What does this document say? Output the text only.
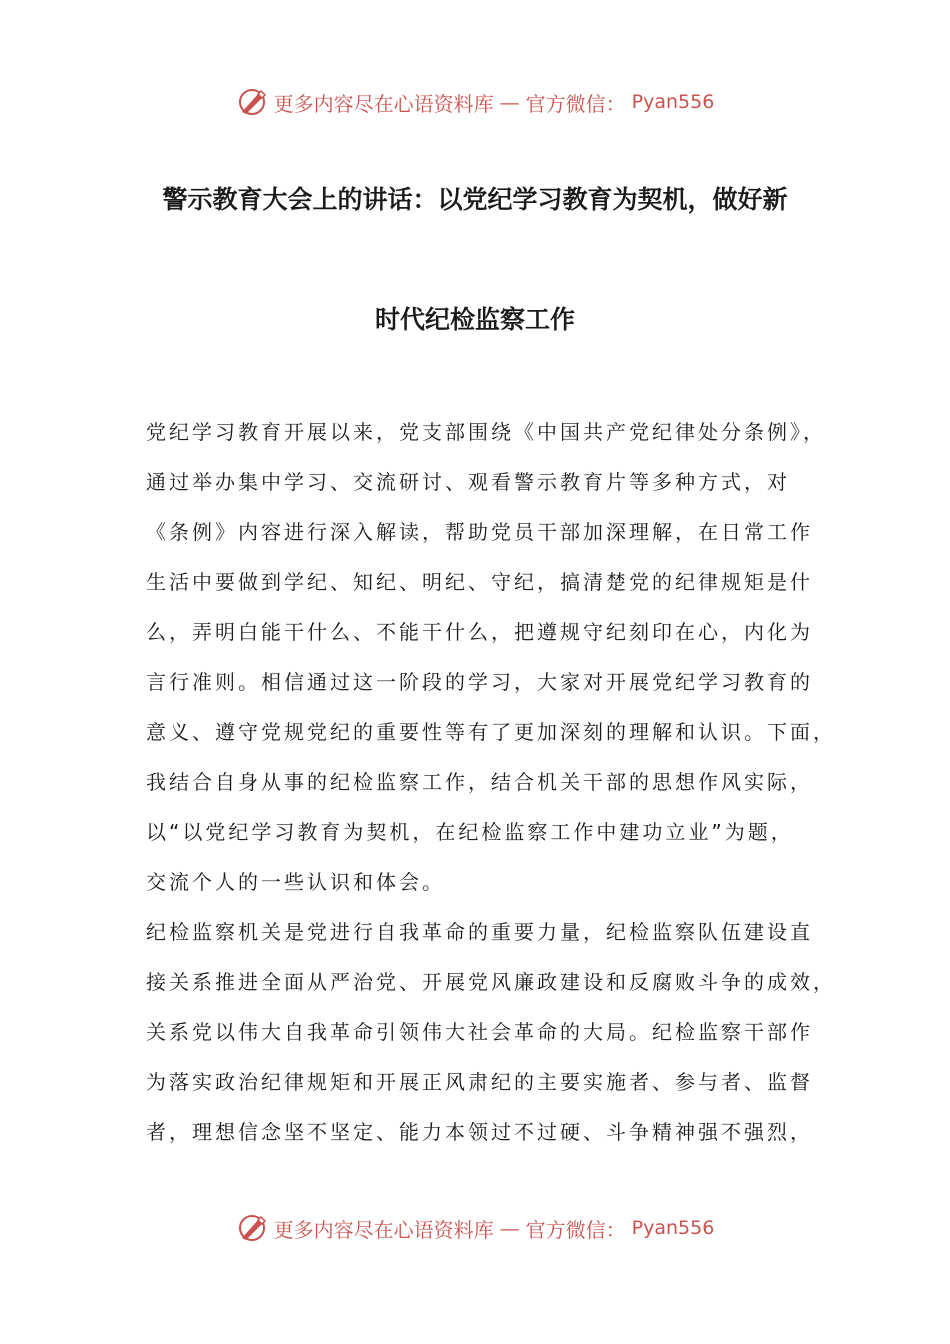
更多内容尽在心语资料库 — 官方微信： Pyan556
警示教育大会上的讲话：以党纪学习教育为契机，做好新
时代纪检监察工作
党纪学习教育开展以来，党支部围绕《中国共产党纪律处分条例》，
通过举办集中学习、交流研讨、观看警示教育片等多种方式，对
《条例》内容进行深入解读，帮助党员干部加深理解，在日常工作
生活中要做到学纪、知纪、明纪、守纪，搞清楚党的纪律规矩是什
么，弄明白能干什么、不能干什么，把遵规守纪刻印在心，内化为
言行准则。相信通过这一阶段的学习，大家对开展党纪学习教育的
意义、遵守党规党纪的重要性等有了更加深刻的理解和认识。下面，
我结合自身从事的纪检监察工作，结合机关干部的思想作风实际，
以“以党纪学习教育为契机，在纪检监察工作中建功立业”为题，
交流个人的一些认识和体会。
纪检监察机关是党进行自我革命的重要力量，纪检监察队伍建设直
接关系推进全面从严治党、开展党风廉政建设和反腐败斗争的成效，
关系党以伟大自我革命引领伟大社会革命的大局。纪检监察干部作
为落实政治纪律规矩和开展正风肃纪的主要实施者、参与者、监督
者，理想信念坚不坚定、能力本领过不过硬、斗争精神强不强烈，
更多内容尽在心语资料库 — 官方微信： Pyan556
